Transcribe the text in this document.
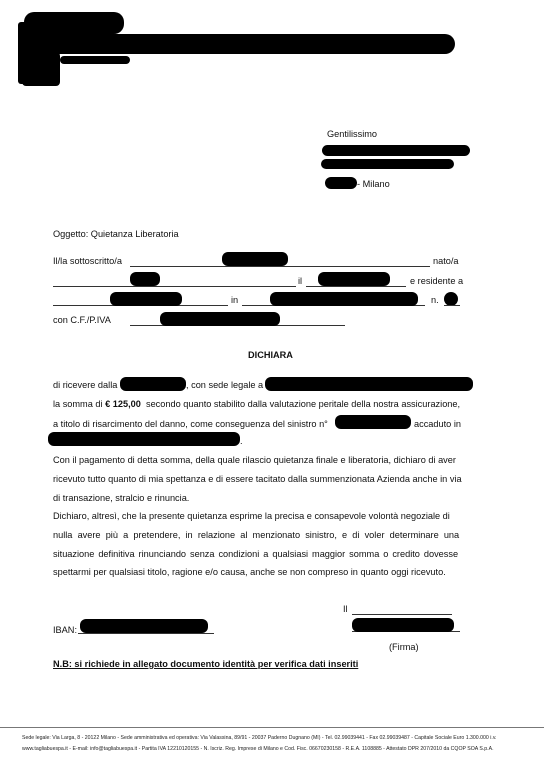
Gentilissimo
- Milano
Oggetto: Quietanza Liberatoria
Il/la sottoscritto/a	nato/a
il	e residente a
in	n.
con C.F./P.IVA
DICHIARA
di ricevere dalla	, con sede legale a
la somma di € 125,00 secondo quanto stabilito dalla valutazione peritale della nostra assicurazione,
a titolo di risarcimento del danno, come conseguenza del sinistro n°	accaduto in
.
Con il pagamento di detta somma, della quale rilascio quietanza finale e liberatoria, dichiaro di aver
ricevuto tutto quanto di mia spettanza e di essere tacitato dalla summenzionata Azienda anche in via
di transazione, stralcio e rinuncia.
Dichiaro, altresì, che la presente quietanza esprime la precisa e consapevole volontà negoziale di
nulla avere più a pretendere, in relazione al menzionato sinistro, e di voler determinare una
situazione definitiva rinunciando senza condizioni a qualsiasi maggior somma o credito dovesse
spettarmi per qualsiasi titolo, ragione e/o causa, anche se non compreso in quanto oggi ricevuto.
Il
IBAN:
(Firma)
N.B: si richiede in allegato documento identità per verifica dati inseriti
Sede legale: Via Larga, 8 - 20122 Milano - Sede amministrativa ed operativa: Via Valassina, 89/91 - 20037 Paderno Dugnano (MI) - Tel. 02.99039441 - Fax 02.99039487 - Capitale Sociale Euro 1.300.000 i.v.
www.tagliabuespa.it - E-mail: info@tagliabuespa.it - Partita IVA 12210120155 - N. Iscriz. Reg. Imprese di Milano e Cod. Fisc. 06670230158 - R.E.A. 1108885 - Attestato DPR 207/2010 da CQOP SOA S.p.A.
